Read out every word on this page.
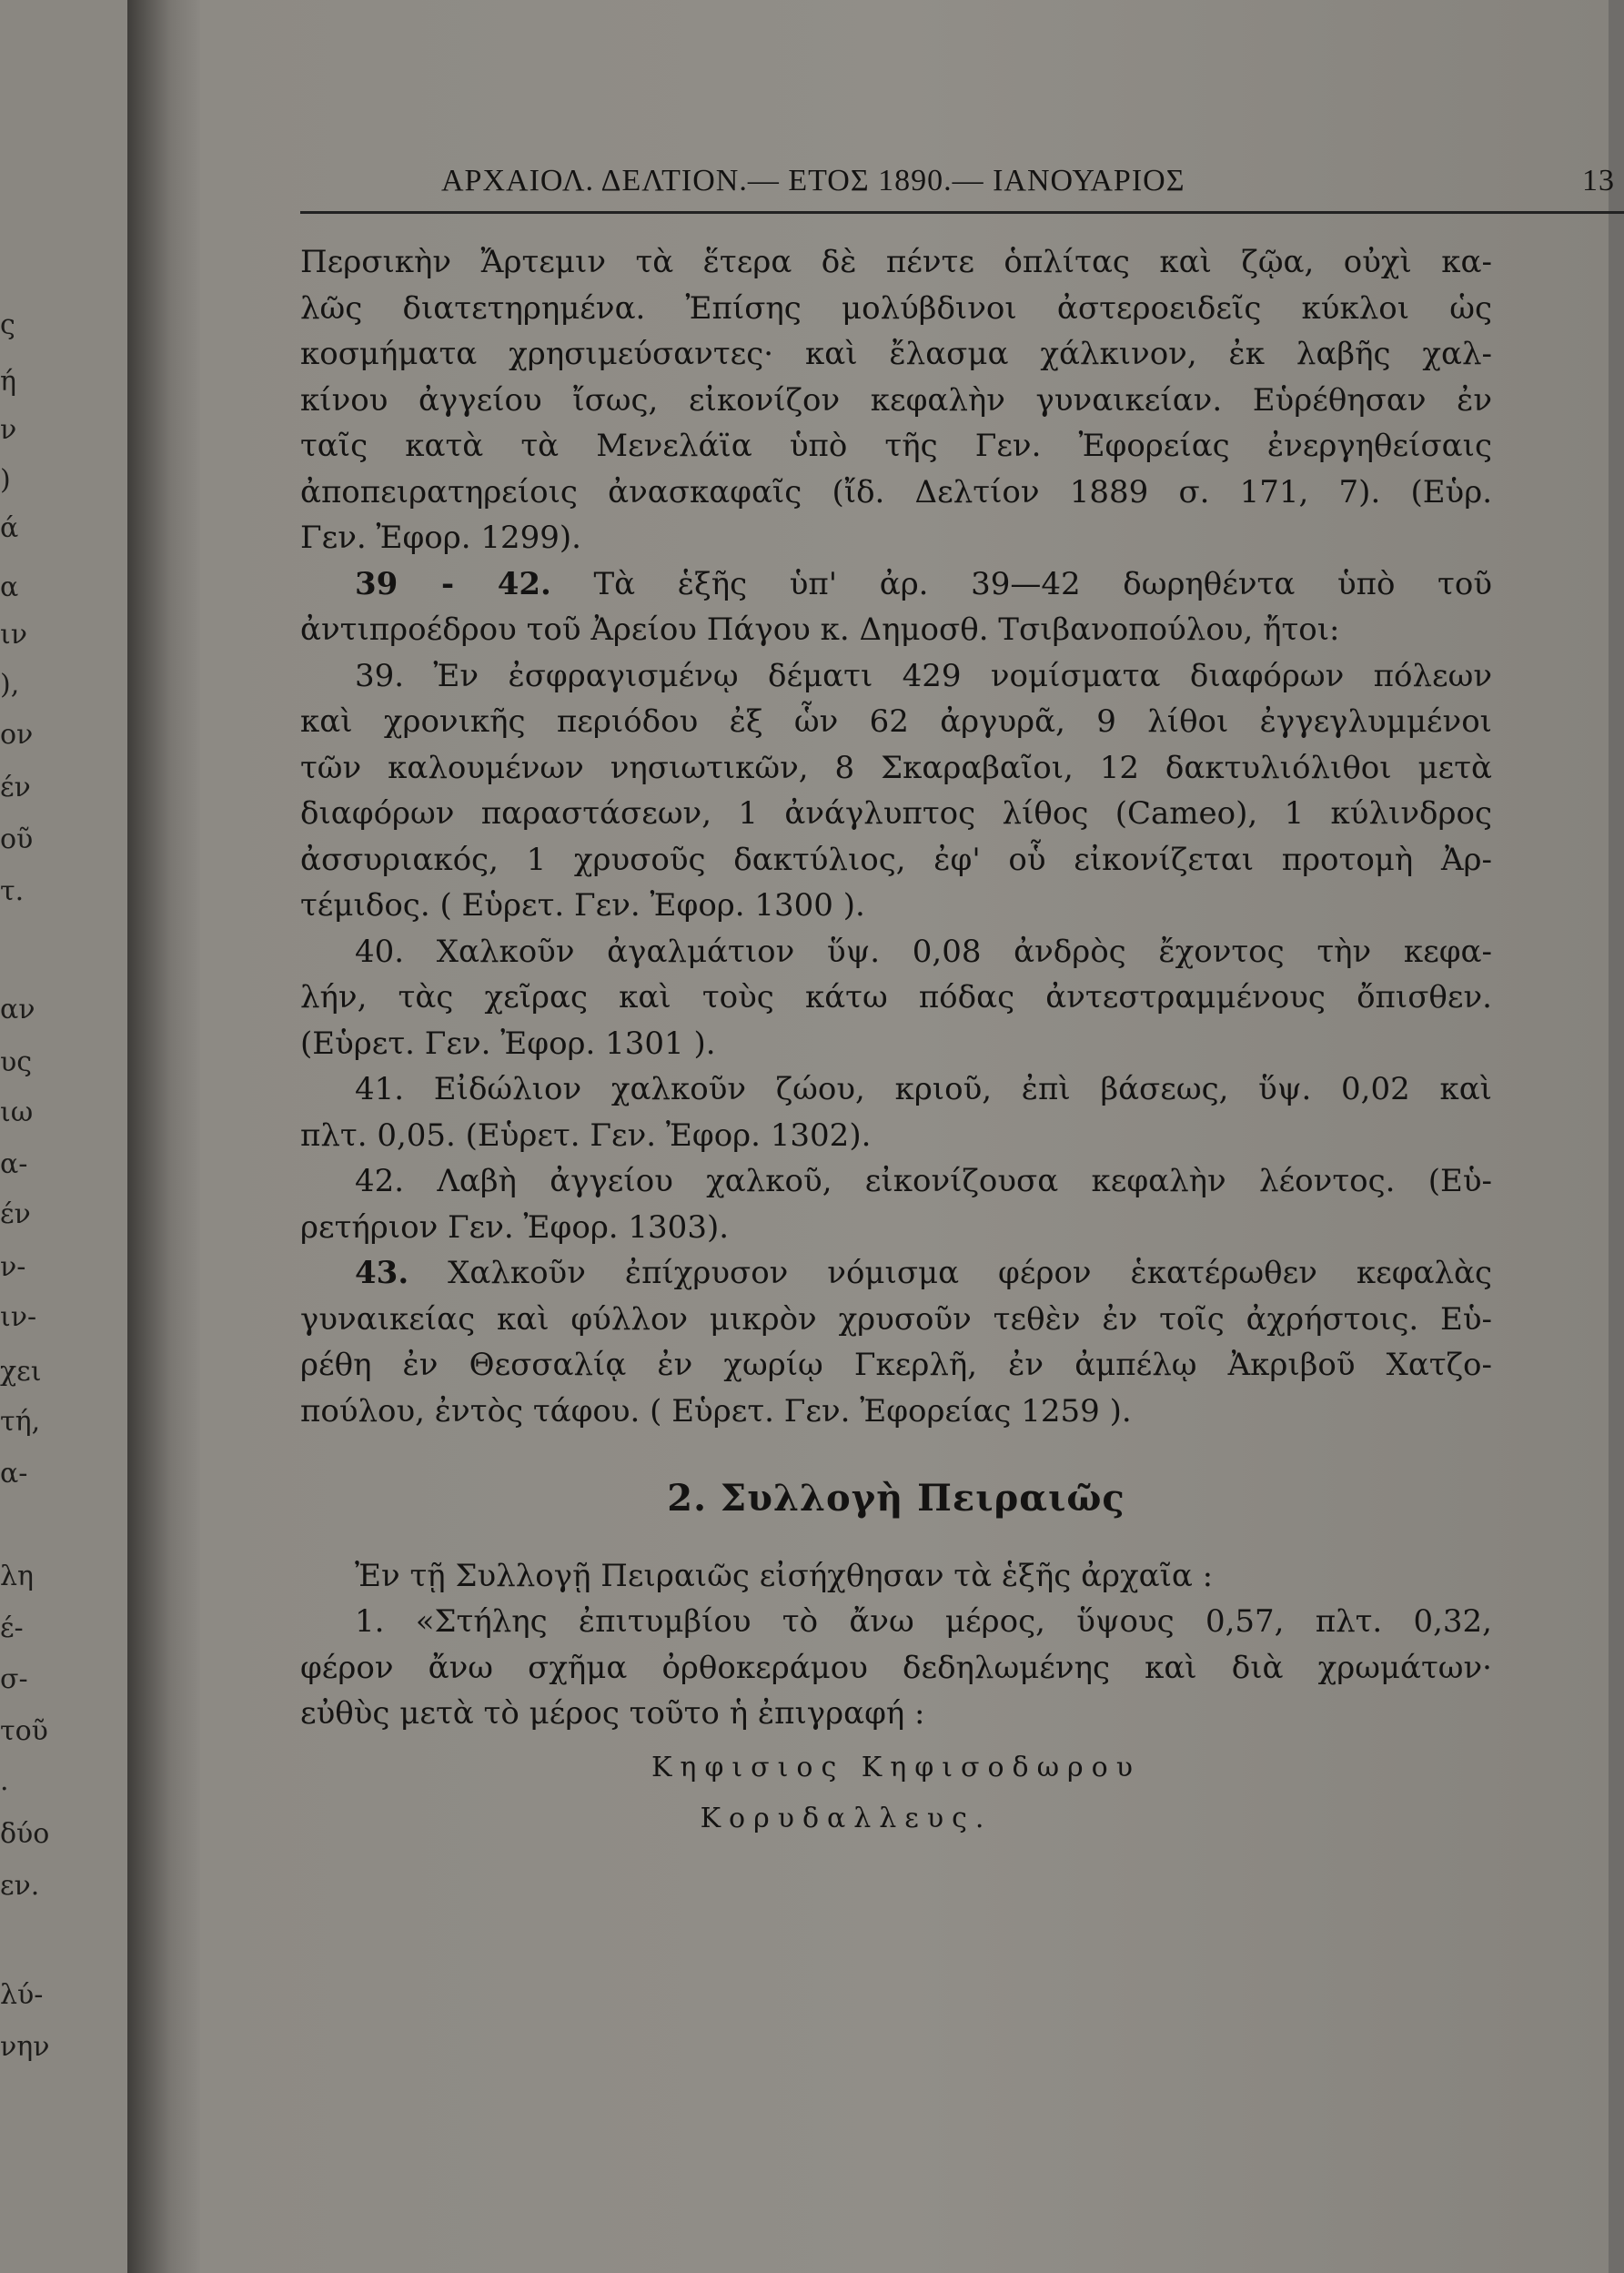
ς
ή
ν
)
ά
α
ιν
),
ον
έν
οῦ
τ.
αν
υς
ιω
α-
έν
ν-
ιν-
χει
τή,
α-
λη
έ-
σ-
τοῦ
.
δύο
εν.
λύ-
νην
ΑΡΧΑΙΟΛ. ΔΕΛΤΙΟΝ.— ΕΤΟΣ 1890.— ΙΑΝΟΥΑΡΙΟΣ	13
Περσικὴν Ἄρτεμιν τὰ ἕτερα δὲ πέντε ὁπλίτας καὶ ζῷα, οὐχὶ κα-
λῶς διατετηρημένα. Ἐπίσης μολύβδινοι ἀστεροειδεῖς κύκλοι ὡς
κοσμήματα χρησιμεύσαντες· καὶ ἔλασμα χάλκινον, ἐκ λαβῆς χαλ-
κίνου ἀγγείου ἴσως, εἰκονίζον κεφαλὴν γυναικείαν. Εὑρέθησαν ἐν
ταῖς κατὰ τὰ Μενελάϊα ὑπὸ τῆς Γεν. Ἐφορείας ἐνεργηθείσαις
ἀποπειρατηρείοις ἀνασκαφαῖς (ἴδ. Δελτίον 1889 σ. 171, 7). (Εὑρ.
Γεν. Ἐφορ. 1299).
39 - 42. Τὰ ἑξῆς ὑπ' ἀρ. 39—42 δωρηθέντα ὑπὸ τοῦ
ἀντιπροέδρου τοῦ Ἀρείου Πάγου κ. Δημοσθ. Τσιβανοπούλου, ἤτοι:
39. Ἐν ἐσφραγισμένῳ δέματι 429 νομίσματα διαφόρων πόλεων
καὶ χρονικῆς περιόδου ἐξ ὧν 62 ἀργυρᾶ, 9 λίθοι ἐγγεγλυμμένοι
τῶν καλουμένων νησιωτικῶν, 8 Σκαραβαῖοι, 12 δακτυλιόλιθοι μετὰ
διαφόρων παραστάσεων, 1 ἀνάγλυπτος λίθος (Cameo), 1 κύλινδρος
ἀσσυριακός, 1 χρυσοῦς δακτύλιος, ἐφ' οὗ εἰκονίζεται προτομὴ Ἀρ-
τέμιδος. ( Εὑρετ. Γεν. Ἐφορ. 1300 ).
40. Χαλκοῦν ἀγαλμάτιον ὕψ. 0,08 ἀνδρὸς ἔχοντος τὴν κεφα-
λήν, τὰς χεῖρας καὶ τοὺς κάτω πόδας ἀντεστραμμένους ὄπισθεν.
(Εὑρετ. Γεν. Ἐφορ. 1301 ).
41. Εἰδώλιον χαλκοῦν ζώου, κριοῦ, ἐπὶ βάσεως, ὕψ. 0,02 καὶ
πλτ. 0,05. (Εὑρετ. Γεν. Ἐφορ. 1302).
42. Λαβὴ ἀγγείου χαλκοῦ, εἰκονίζουσα κεφαλὴν λέοντος. (Εὑ-
ρετήριον Γεν. Ἐφορ. 1303).
43. Χαλκοῦν ἐπίχρυσον νόμισμα φέρον ἑκατέρωθεν κεφαλὰς
γυναικείας καὶ φύλλον μικρὸν χρυσοῦν τεθὲν ἐν τοῖς ἀχρήστοις. Εὑ-
ρέθη ἐν Θεσσαλίᾳ ἐν χωρίῳ Γκερλῆ, ἐν ἀμπέλῳ Ἀκριβοῦ Χατζο-
πούλου, ἐντὸς τάφου. ( Εὑρετ. Γεν. Ἐφορείας 1259 ).
2. Συλλογὴ Πειραιῶς
Ἐν τῇ Συλλογῇ Πειραιῶς εἰσήχθησαν τὰ ἑξῆς ἀρχαῖα :
1. «Στήλης ἐπιτυμβίου τὸ ἄνω μέρος, ὕψους 0,57, πλτ. 0,32,
φέρον ἄνω σχῆμα ὀρθοκεράμου δεδηλωμένης καὶ διὰ χρωμάτων·
εὐθὺς μετὰ τὸ μέρος τοῦτο ἡ ἐπιγραφή :
Κηφισιος Κηφισοδωρου
Κορυδαλλευς.
